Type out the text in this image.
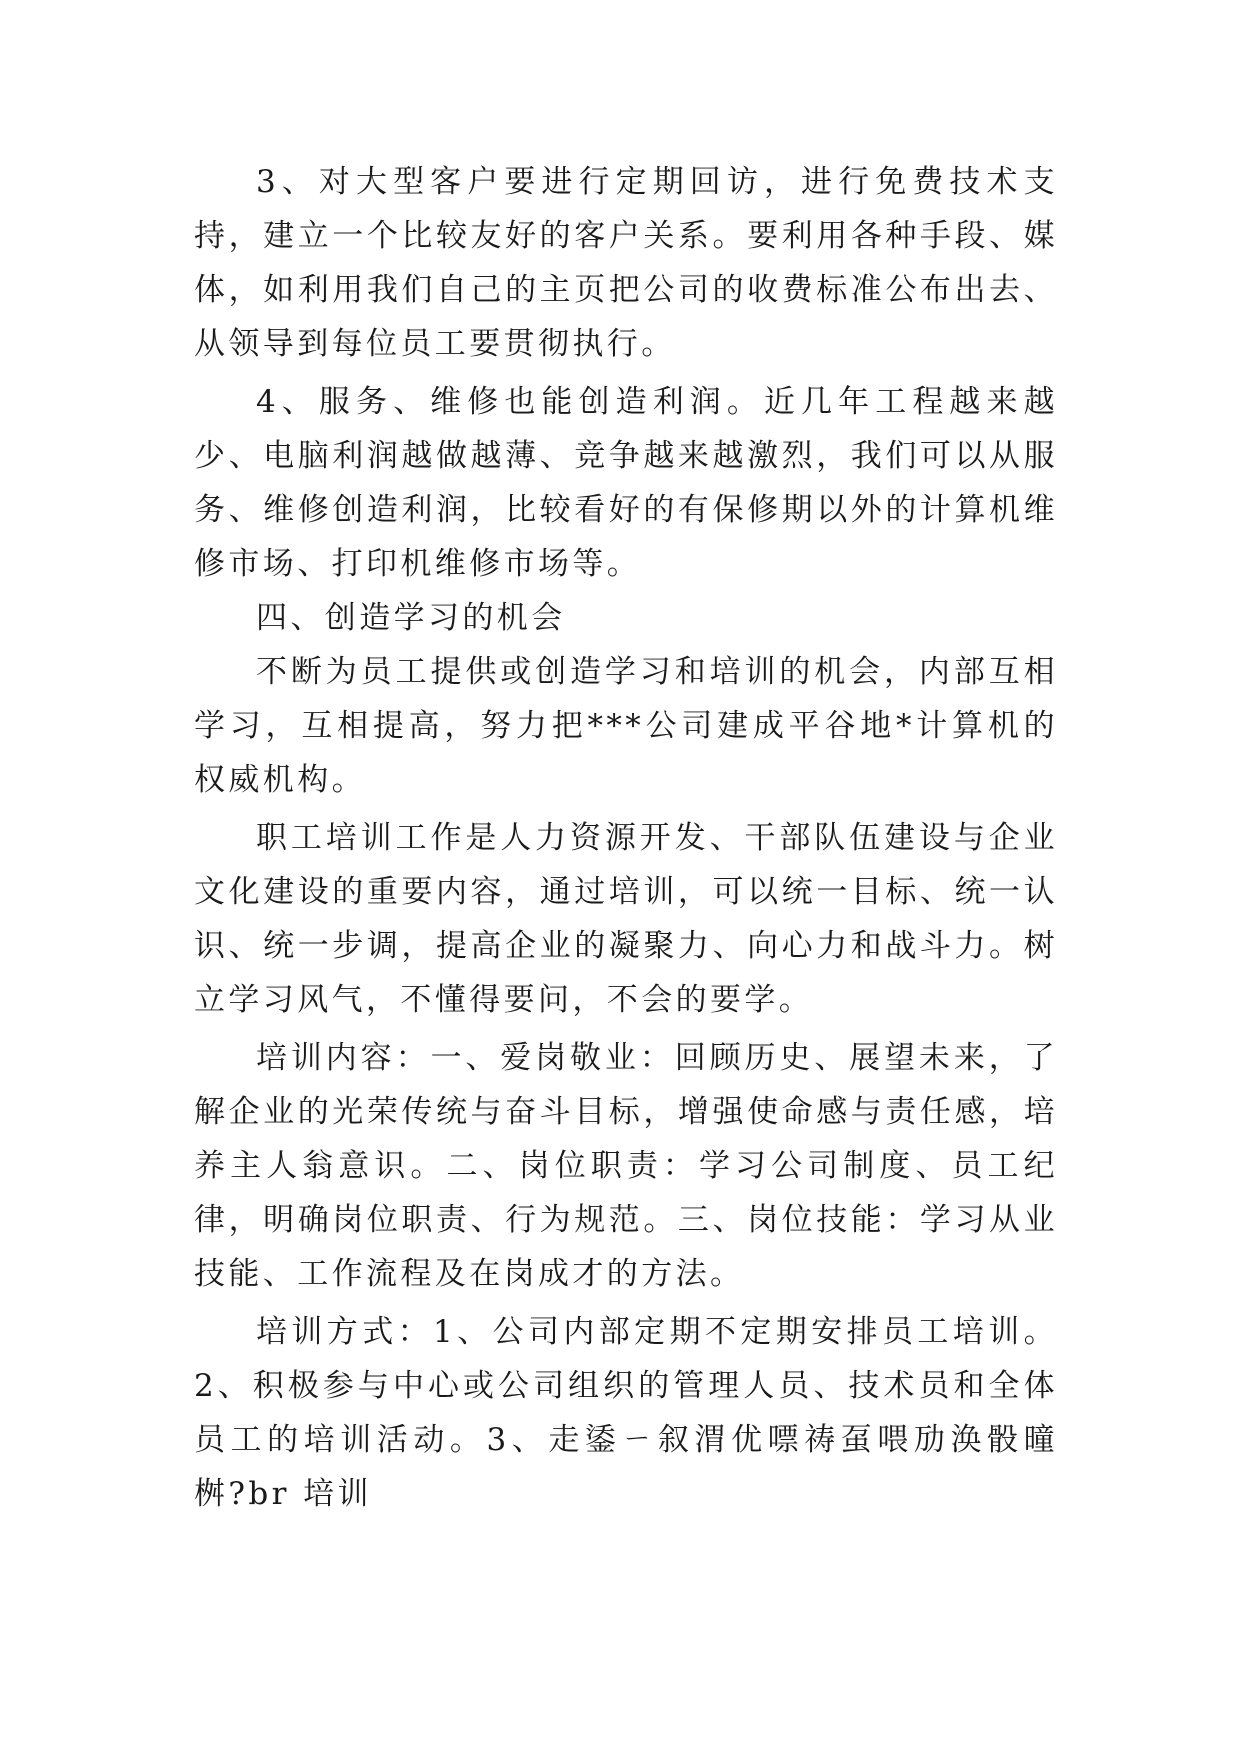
3、对大型客户要进行定期回访，进行免费技术支持，建立一个比较友好的客户关系。要利用各种手段、媒体，如利用我们自己的主页把公司的收费标准公布出去、从领导到每位员工要贯彻执行。

4、服务、维修也能创造利润。近几年工程越来越少、电脑利润越做越薄、竞争越来越激烈，我们可以从服务、维修创造利润，比较看好的有保修期以外的计算机维修市场、打印机维修市场等。

四、创造学习的机会

不断为员工提供或创造学习和培训的机会，内部互相学习，互相提高，努力把***公司建成平谷地*计算机的权威机构。

职工培训工作是人力资源开发、干部队伍建设与企业文化建设的重要内容，通过培训，可以统一目标、统一认识、统一步调，提高企业的凝聚力、向心力和战斗力。树立学习风气，不懂得要问，不会的要学。

培训内容：一、爱岗敬业：回顾历史、展望未来，了解企业的光荣传统与奋斗目标，增强使命感与责任感，培养主人翁意识。二、岗位职责：学习公司制度、员工纪律，明确岗位职责、行为规范。三、岗位技能：学习从业技能、工作流程及在岗成才的方法。

培训方式：1、公司内部定期不定期安排员工培训。2、积极参与中心或公司组织的管理人员、技术员和全体员工的培训活动。3、走鋈ㄧ叙渭优嘌祷虿喂劢涣骰曈桝?br 培训
